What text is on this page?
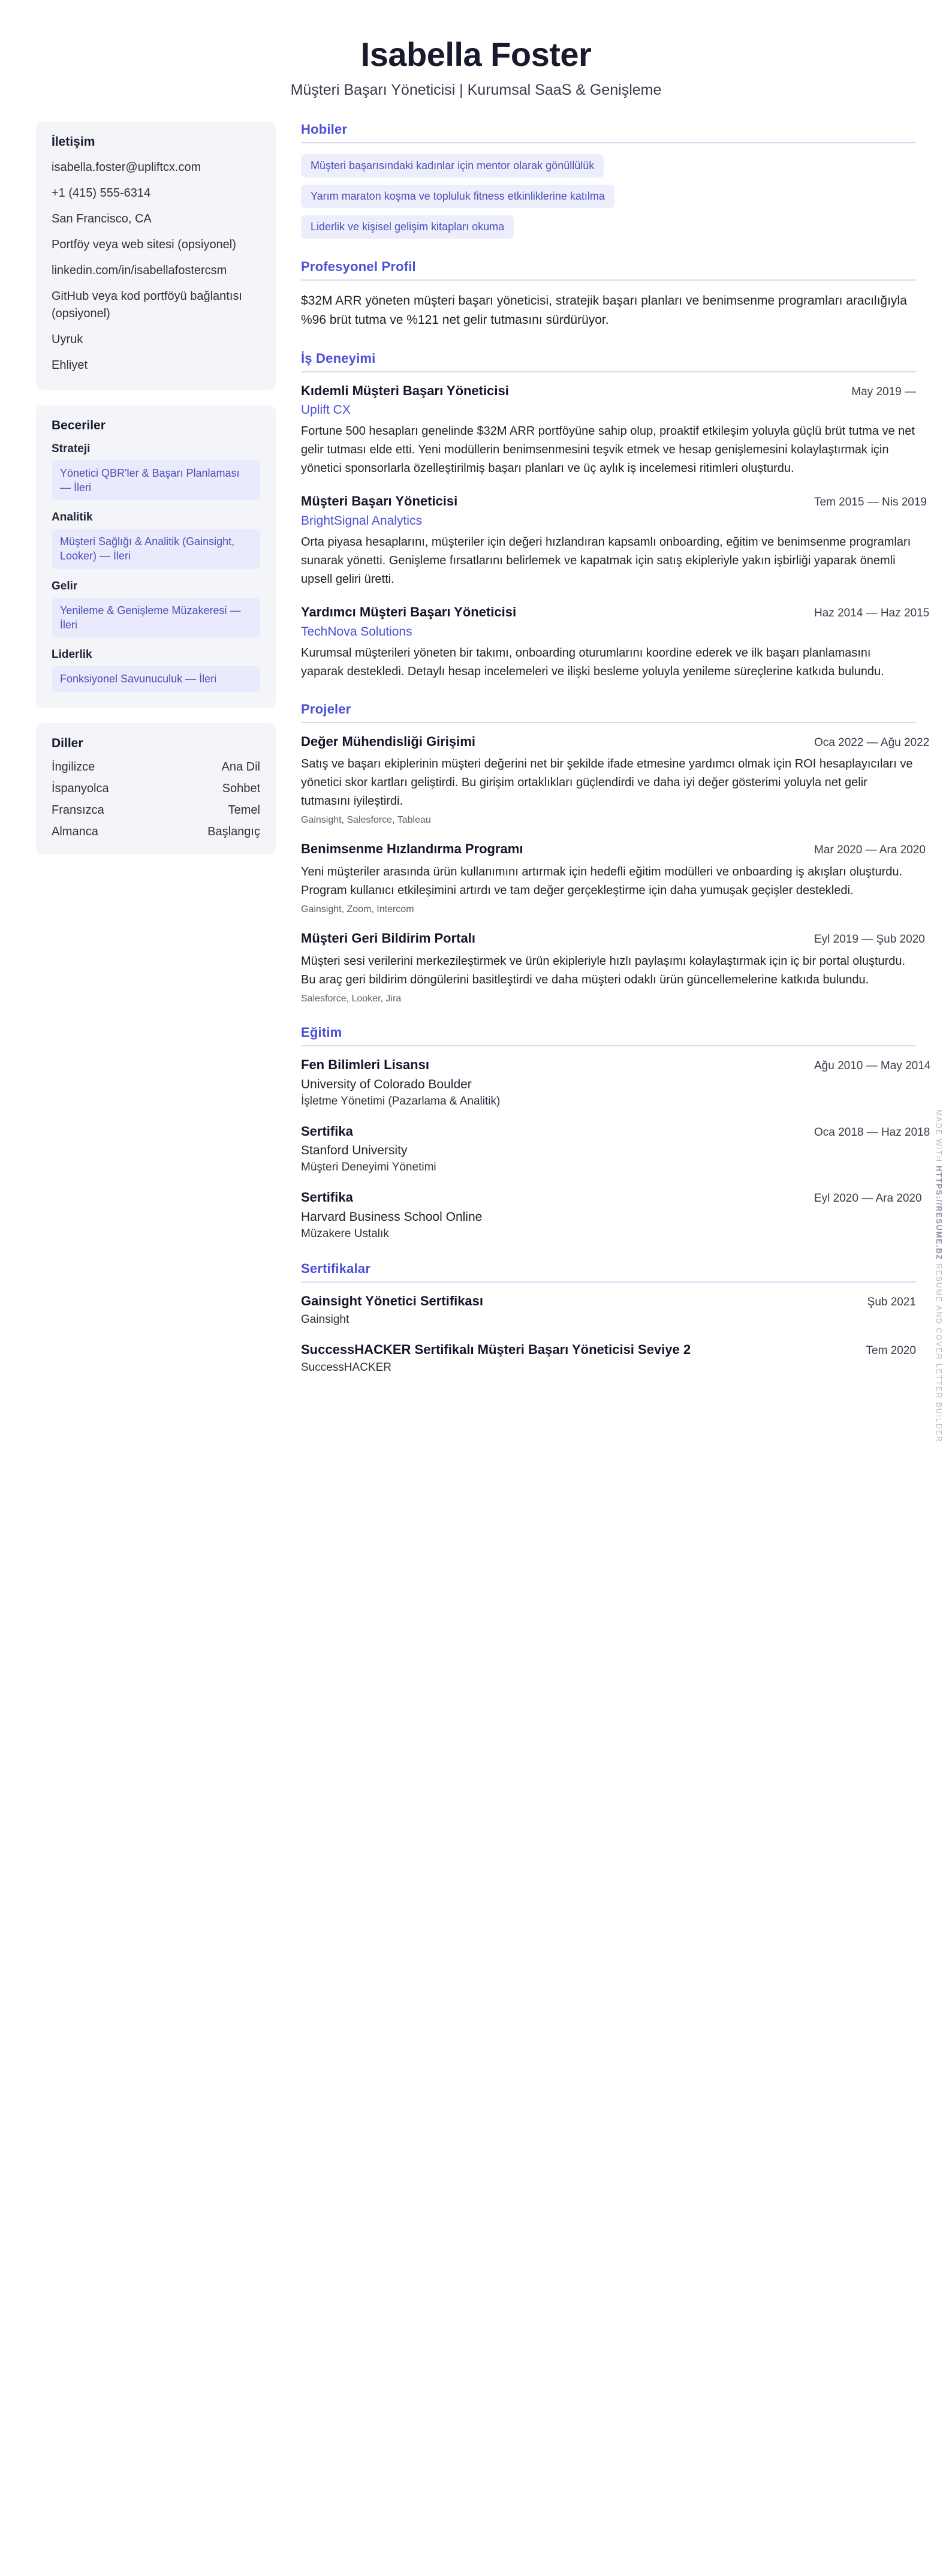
Isabella Foster
Müşteri Başarı Yöneticisi | Kurumsal SaaS & Genişleme
İletişim
isabella.foster@upliftcx.com
+1 (415) 555-6314
San Francisco, CA
Portföy veya web sitesi (opsiyonel)
linkedin.com/in/isabellafostercsm
GitHub veya kod portföyü bağlantısı (opsiyonel)
Uyruk
Ehliyet
Beceriler
Strateji
Yönetici QBR'ler & Başarı Planlaması — İleri
Analitik
Müşteri Sağlığı & Analitik (Gainsight, Looker) — İleri
Gelir
Yenileme & Genişleme Müzakeresi — İleri
Liderlik
Fonksiyonel Savunuculuk — İleri
Diller
İngilizce	Ana Dil
İspanyolca	Sohbet
Fransızca	Temel
Almanca	Başlangıç
Hobiler
Müşteri başarısındaki kadınlar için mentor olarak gönüllülük
Yarım maraton koşma ve topluluk fitness etkinliklerine katılma
Liderlik ve kişisel gelişim kitapları okuma
Profesyonel Profil
$32M ARR yöneten müşteri başarı yöneticisi, stratejik başarı planları ve benimsenme programları aracılığıyla %96 brüt tutma ve %121 net gelir tutmasını sürdürüyor.
İş Deneyimi
Kıdemli Müşteri Başarı Yöneticisi	May 2019 —
Uplift CX
Fortune 500 hesapları genelinde $32M ARR portföyüne sahip olup, proaktif etkileşim yoluyla güçlü brüt tutma ve net gelir tutması elde etti. Yeni modüllerin benimsenmesini teşvik etmek ve hesap genişlemesini kolaylaştırmak için yönetici sponsorlarla özelleştirilmiş başarı planları ve üç aylık iş incelemesi ritimleri oluşturdu.
Müşteri Başarı Yöneticisi	Tem 2015 — Nis 2019
BrightSignal Analytics
Orta piyasa hesaplarını, müşteriler için değeri hızlandıran kapsamlı onboarding, eğitim ve benimsenme programları sunarak yönetti. Genişleme fırsatlarını belirlemek ve kapatmak için satış ekipleriyle yakın işbirliği yaparak önemli upsell geliri üretti.
Yardımcı Müşteri Başarı Yöneticisi	Haz 2014 — Haz 2015
TechNova Solutions
Kurumsal müşterileri yöneten bir takımı, onboarding oturumlarını koordine ederek ve ilk başarı planlamasını yaparak destekledi. Detaylı hesap incelemeleri ve ilişki besleme yoluyla yenileme süreçlerine katkıda bulundu.
Projeler
Değer Mühendisliği Girişimi	Oca 2022 — Ağu 2022
Satış ve başarı ekiplerinin müşteri değerini net bir şekilde ifade etmesine yardımcı olmak için ROI hesaplayıcıları ve yönetici skor kartları geliştirdi. Bu girişim ortaklıkları güçlendirdi ve daha iyi değer gösterimi yoluyla net gelir tutmasını iyileştirdi.
Gainsight, Salesforce, Tableau
Benimsenme Hızlandırma Programı	Mar 2020 — Ara 2020
Yeni müşteriler arasında ürün kullanımını artırmak için hedefli eğitim modülleri ve onboarding iş akışları oluşturdu. Program kullanıcı etkileşimini artırdı ve tam değer gerçekleştirme için daha yumuşak geçişler destekledi.
Gainsight, Zoom, Intercom
Müşteri Geri Bildirim Portalı	Eyl 2019 — Şub 2020
Müşteri sesi verilerini merkezileştirmek ve ürün ekipleriyle hızlı paylaşımı kolaylaştırmak için iç bir portal oluşturdu. Bu araç geri bildirim döngülerini basitleştirdi ve daha müşteri odaklı ürün güncellemelerine katkıda bulundu.
Salesforce, Looker, Jira
Eğitim
Fen Bilimleri Lisansı	Ağu 2010 — May 2014
University of Colorado Boulder
İşletme Yönetimi (Pazarlama & Analitik)
Sertifika	Oca 2018 — Haz 2018
Stanford University
Müşteri Deneyimi Yönetimi
Sertifika	Eyl 2020 — Ara 2020
Harvard Business School Online
Müzakere Ustalık
Sertifikalar
Gainsight Yönetici Sertifikası	Şub 2021
Gainsight
SuccessHACKER Sertifikalı Müşteri Başarı Yöneticisi Seviye 2	Tem 2020
SuccessHACKER
MADE WITH HTTPS://RESUME.BZ RESUME AND COVER LETTER BUILDER
